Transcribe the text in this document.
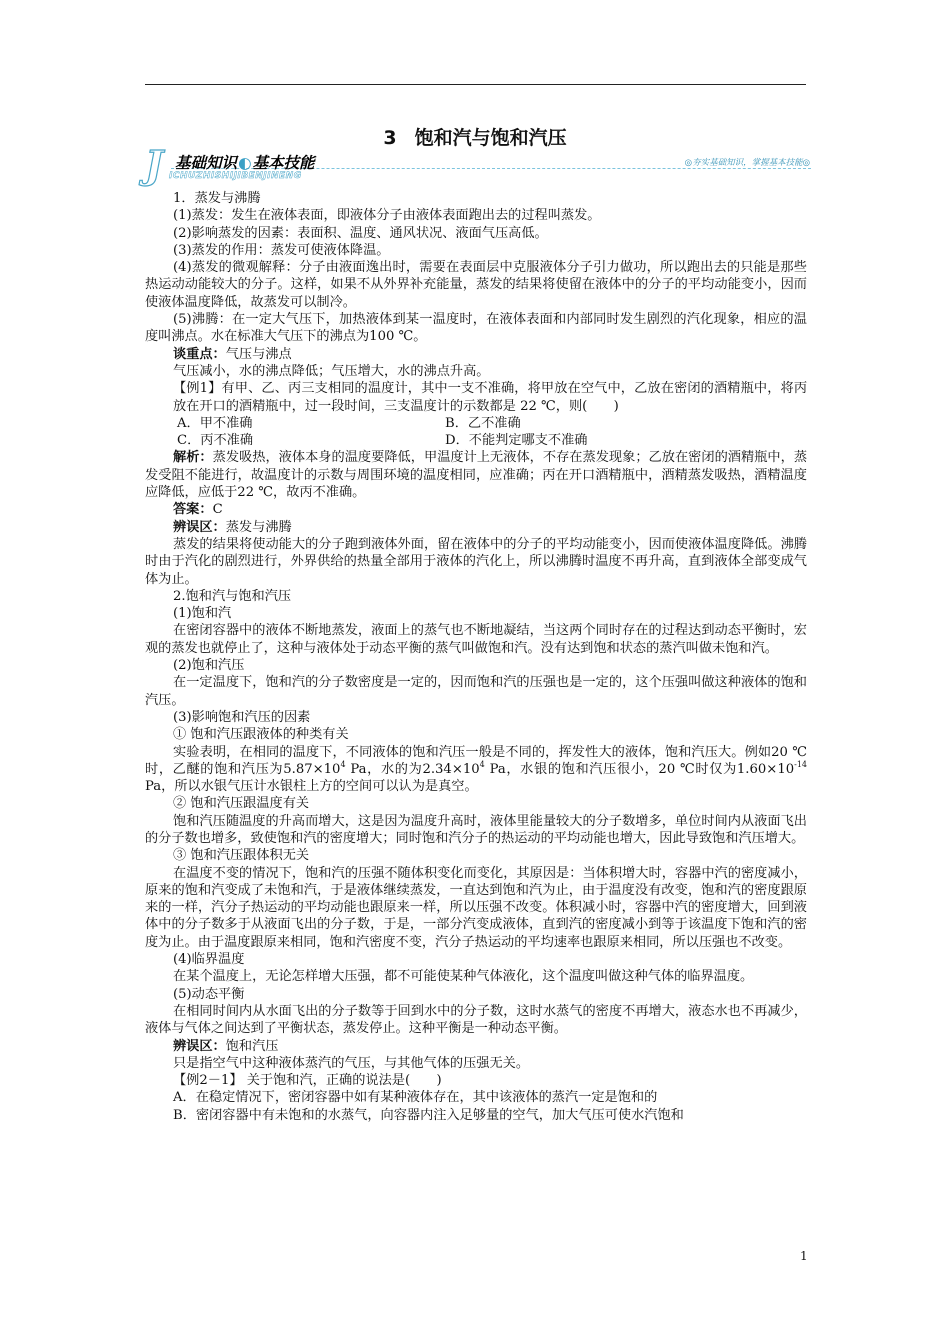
3 饱和汽与饱和汽压
J 基础知识◐基本技能
ICHUZHISHIJIBENJINENG
◎夯实基础知识，掌握基本技能◎

1．蒸发与沸腾

(1)蒸发：发生在液体表面，即液体分子由液体表面跑出去的过程叫蒸发。

(2)影响蒸发的因素：表面积、温度、通风状况、液面气压高低。

(3)蒸发的作用：蒸发可使液体降温。

(4)蒸发的微观解释：分子由液面逸出时，需要在表面层中克服液体分子引力做功，所以跑出去的只能是那些热运动动能较大的分子。这样，如果不从外界补充能量，蒸发的结果将使留在液体中的分子的平均动能变小，因而使液体温度降低，故蒸发可以制冷。

(5)沸腾：在一定大气压下，加热液体到某一温度时，在液体表面和内部同时发生剧烈的汽化现象，相应的温度叫沸点。水在标准大气压下的沸点为100 ℃。

谈重点：气压与沸点

气压减小，水的沸点降低；气压增大，水的沸点升高。

【例1】有甲、乙、丙三支相同的温度计，其中一支不准确，将甲放在空气中，乙放在密闭的酒精瓶中，将丙放在开口的酒精瓶中，过一段时间，三支温度计的示数都是 22 ℃，则(　　)

A．甲不准确	B．乙不准确
C．丙不准确	D．不能判定哪支不准确

解析：蒸发吸热，液体本身的温度要降低，甲温度计上无液体，不存在蒸发现象；乙放在密闭的酒精瓶中，蒸发受阻不能进行，故温度计的示数与周围环境的温度相同，应准确；丙在开口酒精瓶中，酒精蒸发吸热，酒精温度应降低，应低于22 ℃，故丙不准确。

答案：C

辨误区：蒸发与沸腾

蒸发的结果将使动能大的分子跑到液体外面，留在液体中的分子的平均动能变小，因而使液体温度降低。沸腾时由于汽化的剧烈进行，外界供给的热量全部用于液体的汽化上，所以沸腾时温度不再升高，直到液体全部变成气体为止。

2.饱和汽与饱和汽压

(1)饱和汽

在密闭容器中的液体不断地蒸发，液面上的蒸气也不断地凝结，当这两个同时存在的过程达到动态平衡时，宏观的蒸发也就停止了，这种与液体处于动态平衡的蒸气叫做饱和汽。没有达到饱和状态的蒸汽叫做未饱和汽。

(2)饱和汽压

在一定温度下，饱和汽的分子数密度是一定的，因而饱和汽的压强也是一定的，这个压强叫做这种液体的饱和汽压。

(3)影响饱和汽压的因素

① 饱和汽压跟液体的种类有关

实验表明，在相同的温度下，不同液体的饱和汽压一般是不同的，挥发性大的液体，饱和汽压大。例如20 ℃时，乙醚的饱和汽压为$5.87\times 10^4$ Pa，水的为$2.34\times 10^4$ Pa，水银的饱和汽压很小，20 ℃时仅为$1.60\times 10^{-14}$ Pa，所以水银气压计水银柱上方的空间可以认为是真空。

② 饱和汽压跟温度有关

饱和汽压随温度的升高而增大，这是因为温度升高时，液体里能量较大的分子数增多，单位时间内从液面飞出的分子数也增多，致使饱和汽的密度增大；同时饱和汽分子的热运动的平均动能也增大，因此导致饱和汽压增大。

③ 饱和汽压跟体积无关

在温度不变的情况下，饱和汽的压强不随体积变化而变化，其原因是：当体积增大时，容器中汽的密度减小，原来的饱和汽变成了未饱和汽，于是液体继续蒸发，一直达到饱和汽为止，由于温度没有改变，饱和汽的密度跟原来的一样，汽分子热运动的平均动能也跟原来一样，所以压强不改变。体积减小时，容器中汽的密度增大，回到液体中的分子数多于从液面飞出的分子数，于是，一部分汽变成液体，直到汽的密度减小到等于该温度下饱和汽的密度为止。由于温度跟原来相同，饱和汽密度不变，汽分子热运动的平均速率也跟原来相同，所以压强也不改变。

(4)临界温度

在某个温度上，无论怎样增大压强，都不可能使某种气体液化，这个温度叫做这种气体的临界温度。

(5)动态平衡

在相同时间内从水面飞出的分子数等于回到水中的分子数，这时水蒸气的密度不再增大，液态水也不再减少，液体与气体之间达到了平衡状态，蒸发停止。这种平衡是一种动态平衡。

辨误区：饱和汽压

只是指空气中这种液体蒸汽的气压，与其他气体的压强无关。

【例2－1】 关于饱和汽，正确的说法是(　　)

A．在稳定情况下，密闭容器中如有某种液体存在，其中该液体的蒸汽一定是饱和的

B．密闭容器中有未饱和的水蒸气，向容器内注入足够量的空气，加大气压可使水汽饱和

1
